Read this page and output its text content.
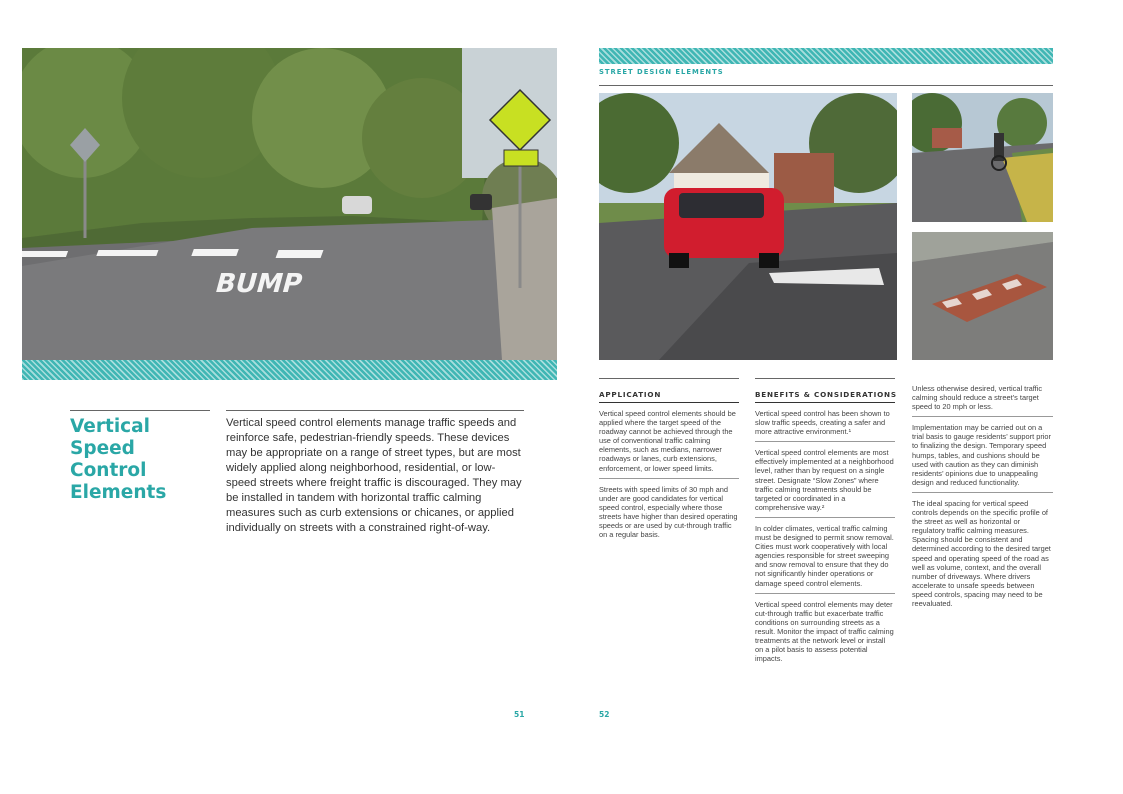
BUMP
Vertical
Speed Control
Elements
Vertical speed control elements manage traffic speeds and reinforce safe, pedestrian-friendly speeds. These devices may be appropriate on a range of street types, but are most widely applied along neighborhood, residential, or low-speed streets where freight traffic is discouraged. They may be installed in tandem with horizontal traffic calming measures such as curb extensions or chicanes, or applied individually on streets with a constrained right-of-way.
51
STREET DESIGN ELEMENTS
APPLICATION

Vertical speed control elements should be applied where the target speed of the roadway cannot be achieved through the use of conventional traffic calming elements, such as medians, narrower roadways or lanes, curb extensions, enforcement, or lower speed limits.

Streets with speed limits of 30 mph and under are good candidates for vertical speed control, especially where those streets have higher than desired operating speeds or are used by cut-through traffic on a regular basis.

BENEFITS & CONSIDERATIONS

Vertical speed control has been shown to slow traffic speeds, creating a safer and more attractive environment.¹

Vertical speed control elements are most effectively implemented at a neighborhood level, rather than by request on a single street. Designate “Slow Zones” where traffic calming treatments should be targeted or coordinated in a comprehensive way.²

In colder climates, vertical traffic calming must be designed to permit snow removal. Cities must work cooperatively with local agencies responsible for street sweeping and snow removal to ensure that they do not significantly hinder operations or damage speed control elements.

Vertical speed control elements may deter cut-through traffic but exacerbate traffic conditions on surrounding streets as a result. Monitor the impact of traffic calming treatments at the network level or install on a pilot basis to assess potential impacts.

Unless otherwise desired, vertical traffic calming should reduce a street’s target speed to 20 mph or less.

Implementation may be carried out on a trial basis to gauge residents’ support prior to finalizing the design. Temporary speed humps, tables, and cushions should be used with caution as they can diminish residents’ opinions due to unappealing design and reduced functionality.

The ideal spacing for vertical speed controls depends on the specific profile of the street as well as horizontal or regulatory traffic calming measures. Spacing should be consistent and determined according to the desired target speed and operating speed of the road as well as volume, context, and the overall number of driveways. Where drivers accelerate to unsafe speeds between speed controls, spacing may need to be reevaluated.

52
